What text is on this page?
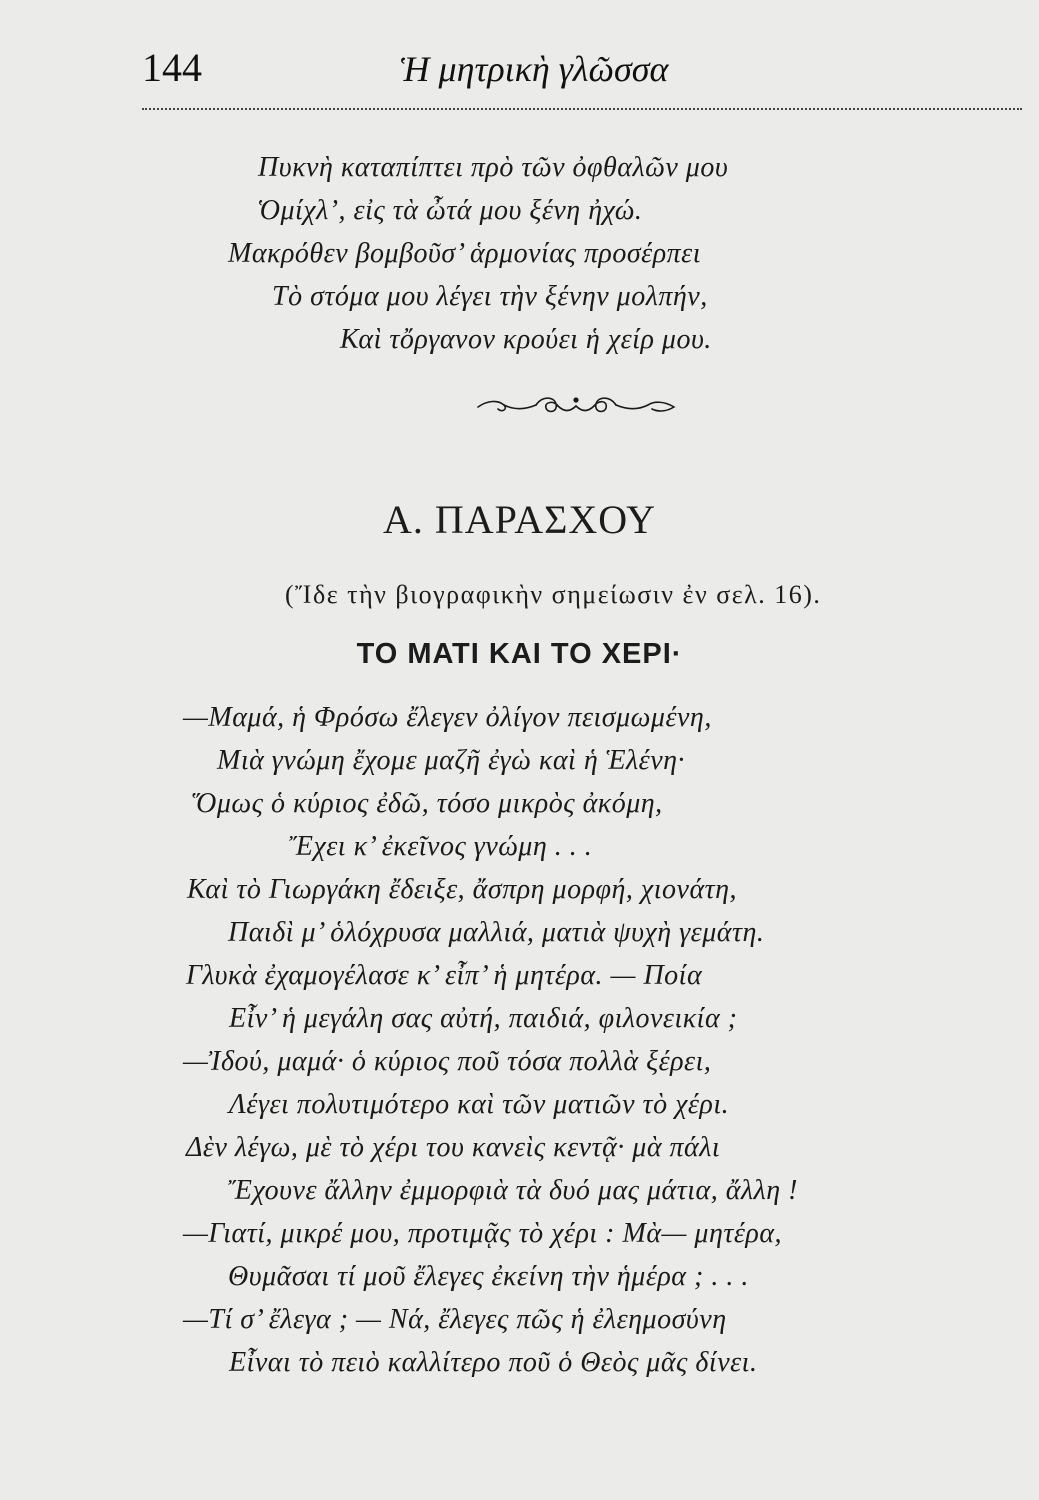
144	Ἡ μητρικὴ γλῶσσα
Πυκνὴ καταπίπτει πρὸ τῶν ὀφθαλῶν μου
Ὁμίχλ’, εἰς τὰ ὦτά μου ξένη ἠχώ.
Μακρόθεν βομβοῦσ’ ἁρμονίας προσέρπει
Τὸ στόμα μου λέγει τὴν ξένην μολπήν,
Καὶ τὄργανον κρούει ἡ χείρ μου.
Α. ΠΑΡΑΣΧΟΥ
(Ἴδε τὴν βιογραφικὴν σημείωσιν ἐν σελ. 16).
ΤΟ ΜΑΤΙ ΚΑΙ ΤΟ ΧΕΡΙ·
—Μαμά, ἡ Φρόσω ἔλεγεν ὀλίγον πεισμωμένη,
Μιὰ γνώμη ἔχομε μαζῆ ἐγὼ καὶ ἡ Ἑλένη·
Ὅμως ὁ κύριος ἐδῶ, τόσο μικρὸς ἀκόμη,
Ἔχει κ’ ἐκεῖνος γνώμη . . .
Καὶ τὸ Γιωργάκη ἔδειξε, ἄσπρη μορφή, χιονάτη,
Παιδὶ μ’ ὁλόχρυσα μαλλιά, ματιὰ ψυχὴ γεμάτη.
Γλυκὰ ἐχαμογέλασε κ’ εἶπ’ ἡ μητέρα. — Ποία
Εἶν’ ἡ μεγάλη σας αὐτή, παιδιά, φιλονεικία ;
—Ἰδού, μαμά· ὁ κύριος ποῦ τόσα πολλὰ ξέρει,
Λέγει πολυτιμότερο καὶ τῶν ματιῶν τὸ χέρι.
Δὲν λέγω, μὲ τὸ χέρι του κανεὶς κεντᾷ· μὰ πάλι
Ἔχουνε ἄλλην ἐμμορφιὰ τὰ δυό μας μάτια, ἄλλη !
—Γιατί, μικρέ μου, προτιμᾷς τὸ χέρι : Μὰ— μητέρα,
Θυμᾶσαι τί μοῦ ἔλεγες ἐκείνη τὴν ἡμέρα ; . . .
—Τί σ’ ἔλεγα ; — Νά, ἔλεγες πῶς ἡ ἐλεημοσύνη
Εἶναι τὸ πειὸ καλλίτερο ποῦ ὁ Θεὸς μᾶς δίνει.
